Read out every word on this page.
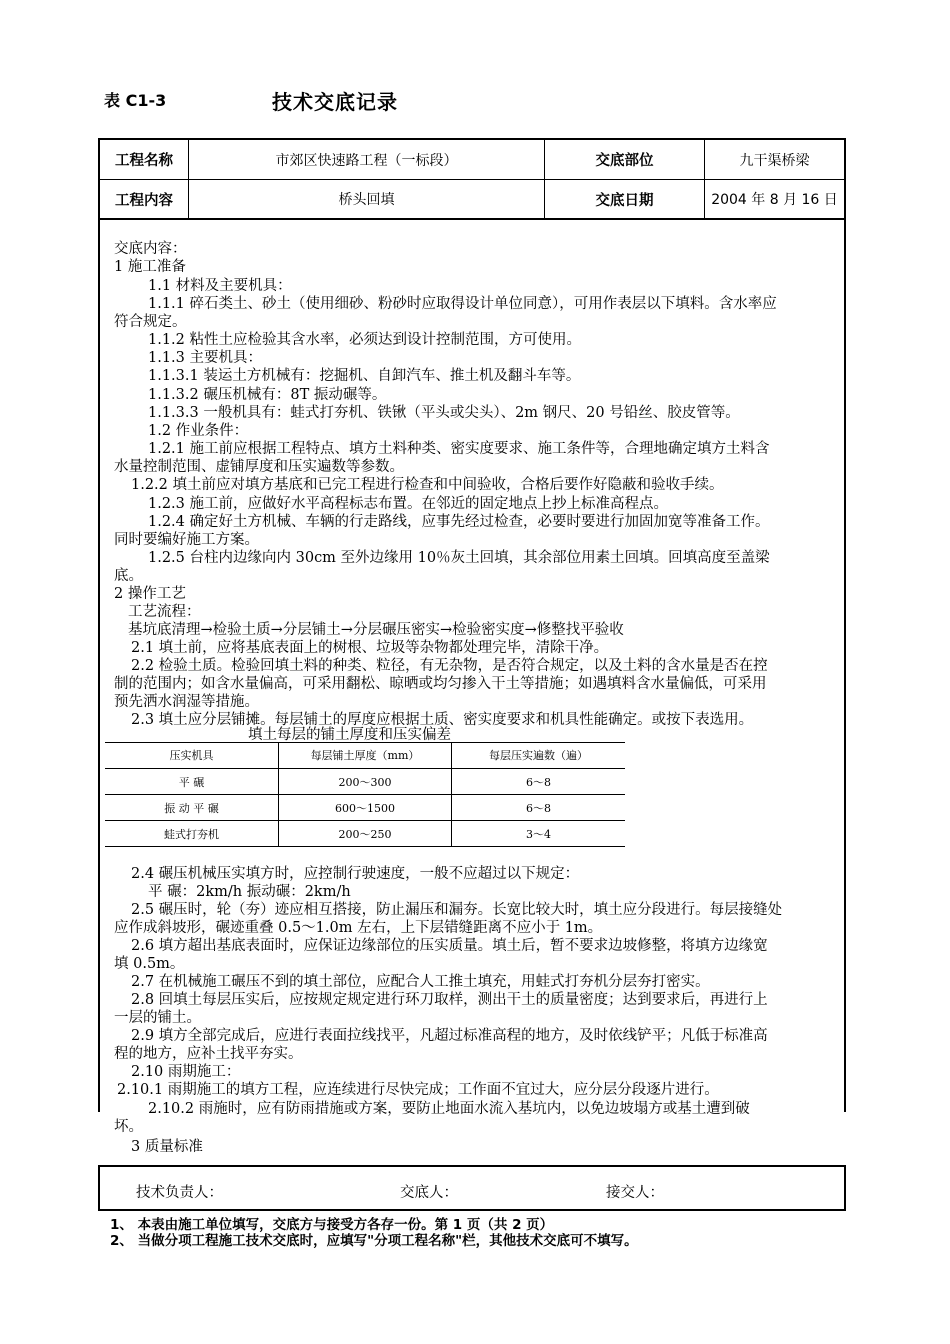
表 C1-3	技术交底记录
工程名称	市郊区快速路工程（一标段）	交底部位	九干渠桥梁
工程内容	桥头回填	交底日期	2004 年 8 月 16 日
交底内容：
1 施工准备
1.1 材料及主要机具：
1.1.1 碎石类土、砂土（使用细砂、粉砂时应取得设计单位同意），可用作表层以下填料。含水率应
符合规定。
1.1.2 粘性土应检验其含水率，必须达到设计控制范围，方可使用。
1.1.3 主要机具：
1.1.3.1 装运土方机械有：挖掘机、自卸汽车、推土机及翻斗车等。
1.1.3.2 碾压机械有：8T 振动碾等。
1.1.3.3 一般机具有：蛙式打夯机、铁锹（平头或尖头）、2m 钢尺、20 号铅丝、胶皮管等。
1.2 作业条件：
1.2.1 施工前应根据工程特点、填方土料种类、密实度要求、施工条件等，合理地确定填方土料含
水量控制范围、虚铺厚度和压实遍数等参数。
1.2.2 填土前应对填方基底和已完工程进行检查和中间验收，合格后要作好隐蔽和验收手续。
1.2.3 施工前，应做好水平高程标志布置。在邻近的固定地点上抄上标准高程点。
1.2.4 确定好土方机械、车辆的行走路线，应事先经过检查，必要时要进行加固加宽等准备工作。
同时要编好施工方案。
1.2.5 台柱内边缘向内 30cm 至外边缘用 10％灰土回填，其余部位用素土回填。回填高度至盖梁
底。
2 操作工艺
工艺流程：
基坑底清理→检验土质→分层铺土→分层碾压密实→检验密实度→修整找平验收
2.1 填土前，应将基底表面上的树根、垃圾等杂物都处理完毕，清除干净。
2.2 检验土质。检验回填土料的种类、粒径，有无杂物，是否符合规定，以及土料的含水量是否在控
制的范围内；如含水量偏高，可采用翻松、晾晒或均匀掺入干土等措施；如遇填料含水量偏低，可采用
预先洒水润湿等措施。
2.3 填土应分层铺摊。每层铺土的厚度应根据土质、密实度要求和机具性能确定。或按下表选用。
填土每层的铺土厚度和压实偏差
压实机具	每层铺土厚度（mm）	每层压实遍数（遍）
平 碾	200～300	6～8
振 动 平 碾	600～1500	6～8
蛙式打夯机	200～250	3～4
2.4 碾压机械压实填方时，应控制行驶速度，一般不应超过以下规定：
平 碾：2km/h 振动碾：2km/h
2.5 碾压时，轮（夯）迹应相互搭接，防止漏压和漏夯。长宽比较大时，填土应分段进行。每层接缝处
应作成斜坡形，碾迹重叠 0.5～1.0m 左右，上下层错缝距离不应小于 1m。
2.6 填方超出基底表面时，应保证边缘部位的压实质量。填土后，暂不要求边坡修整，将填方边缘宽
填 0.5m。
2.7 在机械施工碾压不到的填土部位，应配合人工推土填充，用蛙式打夯机分层夯打密实。
2.8 回填土每层压实后，应按规定规定进行环刀取样，测出干土的质量密度；达到要求后，再进行上
一层的铺土。
2.9 填方全部完成后，应进行表面拉线找平，凡超过标准高程的地方，及时依线铲平；凡低于标准高
程的地方，应补土找平夯实。
2.10 雨期施工：
2.10.1 雨期施工的填方工程，应连续进行尽快完成；工作面不宜过大，应分层分段逐片进行。
2.10.2 雨施时，应有防雨措施或方案，要防止地面水流入基坑内，以免边坡塌方或基土遭到破
坏。
3 质量标准
技术负责人：	交底人：	接交人：
1、 本表由施工单位填写，交底方与接受方各存一份。第 1 页（共 2 页）
2、 当做分项工程施工技术交底时，应填写"分项工程名称"栏，其他技术交底可不填写。
